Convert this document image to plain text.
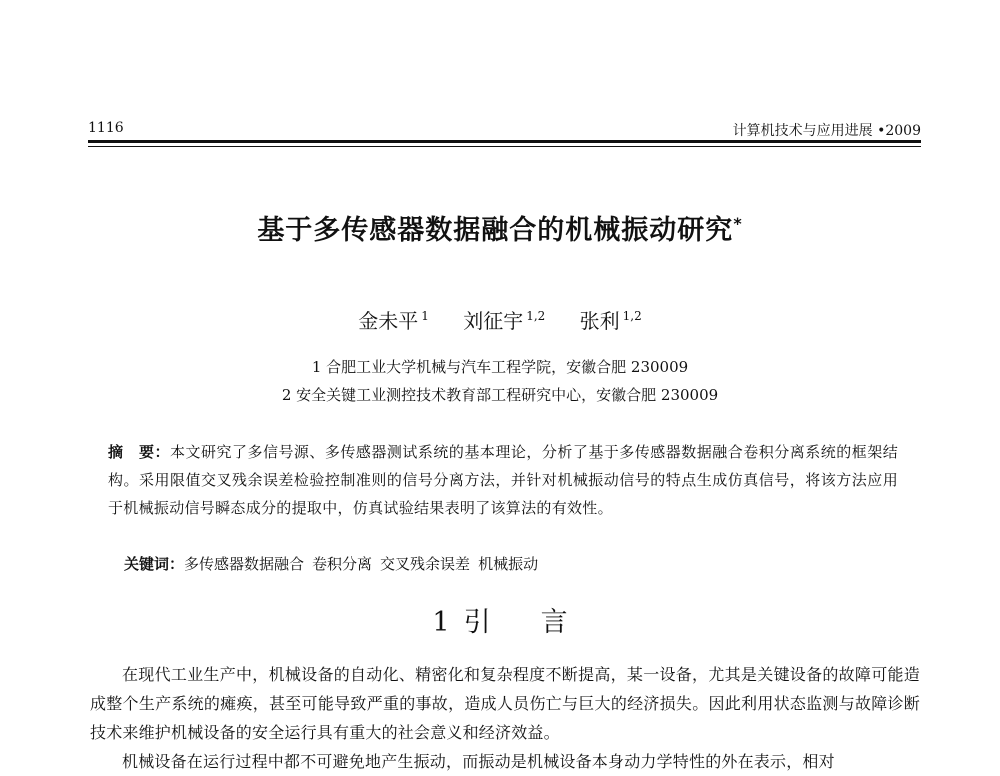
1116	计算机技术与应用进展 •2009
基于多传感器数据融合的机械振动研究*
金未平 $^1$ 刘征宇 $^{1,2}$ 张利 $^{1,2}$
1 合肥工业大学机械与汽车工程学院，安徽合肥 230009
2 安全关键工业测控技术教育部工程研究中心，安徽合肥 230009
摘　要：本文研究了多信号源、多传感器测试系统的基本理论，分析了基于多传感器数据融合卷积分离系统的框架结构。采用限值交叉残余误差检验控制准则的信号分离方法，并针对机械振动信号的特点生成仿真信号，将该方法应用于机械振动信号瞬态成分的提取中，仿真试验结果表明了该算法的有效性。
关键词：多传感器数据融合 卷积分离 交叉残余误差 机械振动
1 引 言
在现代工业生产中，机械设备的自动化、精密化和复杂程度不断提高，某一设备，尤其是关键设备的故障可能造成整个生产系统的瘫痪，甚至可能导致严重的事故，造成人员伤亡与巨大的经济损失。因此利用状态监测与故障诊断技术来维护机械设备的安全运行具有重大的社会意义和经济效益。
机械设备在运行过程中都不可避免地产生振动，而振动是机械设备本身动力学特性的外在表示，相对
